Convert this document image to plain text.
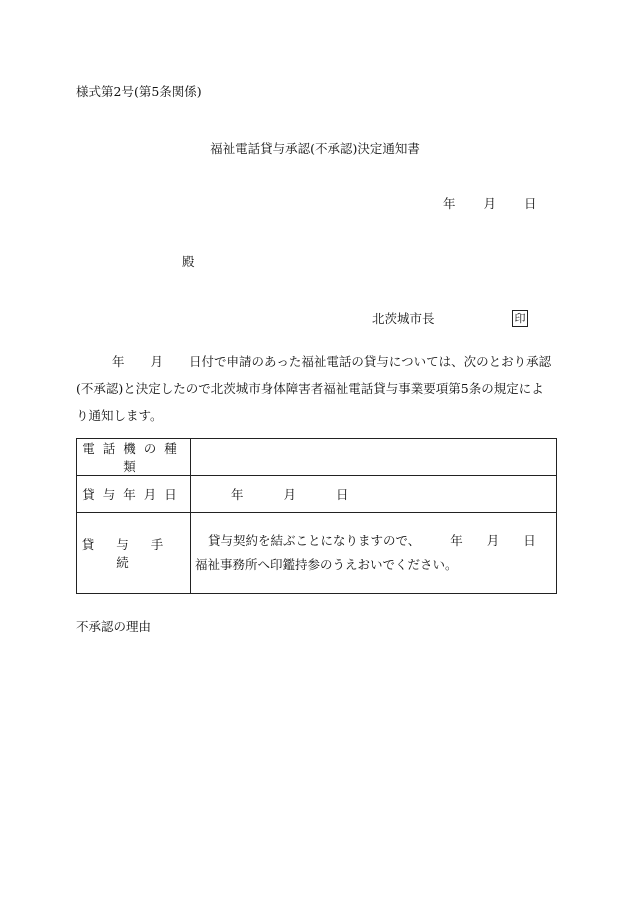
様式第2号(第5条関係)
福祉電話貸与承認(不承認)決定通知書
年 月 日
殿
北茨城市長	印
年 月 日付で申請のあった福祉電話の貸与については、次のとおり承認(不承認)と決定したので北茨城市身体障害者福祉電話貸与事業要項第5条の規定により通知します。
電話機の種類	
貸与年月日	年 月 日
貸与手続	貸与契約を結ぶことになりますので、 年 月 日福祉事務所へ印鑑持参のうえおいでください。
不承認の理由
